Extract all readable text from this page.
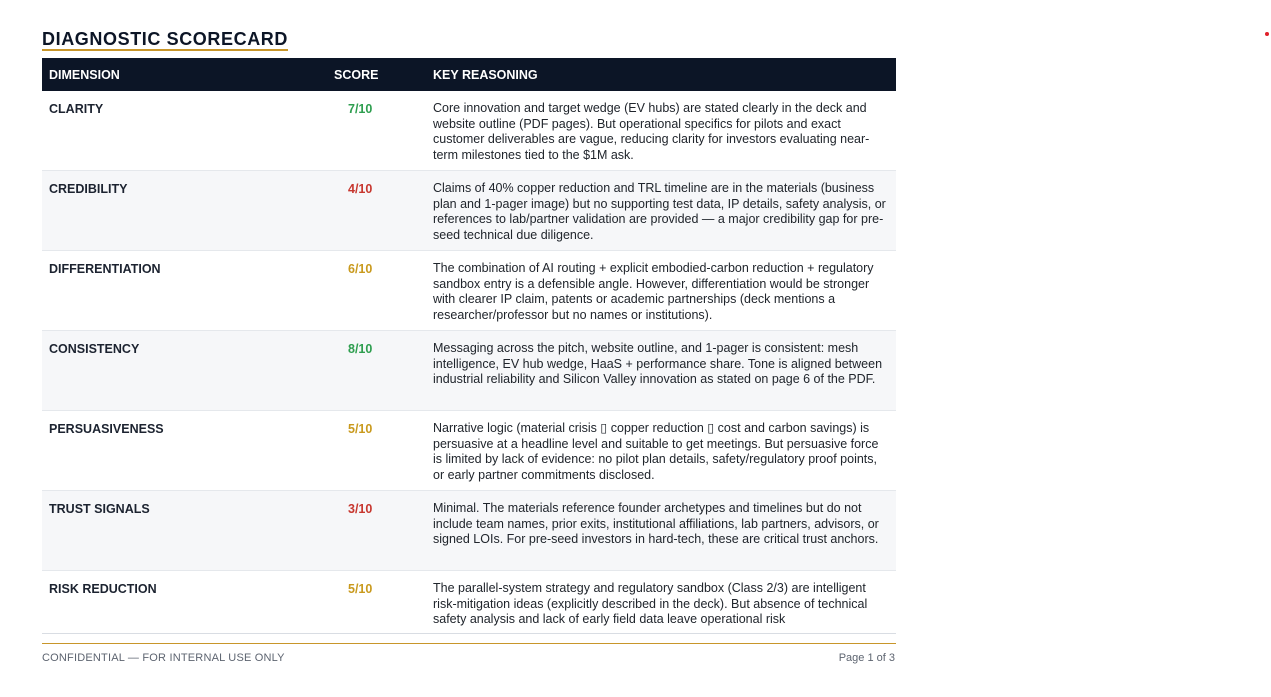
DIAGNOSTIC SCORECARD
DIMENSION	SCORE	KEY REASONING
CLARITY	7/10	Core innovation and target wedge (EV hubs) are stated clearly in the deck and website outline (PDF pages). But operational specifics for pilots and exact customer deliverables are vague, reducing clarity for investors evaluating near-term milestones tied to the $1M ask.
CREDIBILITY	4/10	Claims of 40% copper reduction and TRL timeline are in the materials (business plan and 1-pager image) but no supporting test data, IP details, safety analysis, or references to lab/partner validation are provided — a major credibility gap for pre-seed technical due diligence.
DIFFERENTIATION	6/10	The combination of AI routing + explicit embodied-carbon reduction + regulatory sandbox entry is a defensible angle. However, differentiation would be stronger with clearer IP claim, patents or academic partnerships (deck mentions a researcher/professor but no names or institutions).
CONSISTENCY	8/10	Messaging across the pitch, website outline, and 1-pager is consistent: mesh intelligence, EV hub wedge, HaaS + performance share. Tone is aligned between industrial reliability and Silicon Valley innovation as stated on page 6 of the PDF.
PERSUASIVENESS	5/10	Narrative logic (material crisis ▯ copper reduction ▯ cost and carbon savings) is persuasive at a headline level and suitable to get meetings. But persuasive force is limited by lack of evidence: no pilot plan details, safety/regulatory proof points, or early partner commitments disclosed.
TRUST SIGNALS	3/10	Minimal. The materials reference founder archetypes and timelines but do not include team names, prior exits, institutional affiliations, lab partners, advisors, or signed LOIs. For pre-seed investors in hard-tech, these are critical trust anchors.
RISK REDUCTION	5/10	The parallel-system strategy and regulatory sandbox (Class 2/3) are intelligent risk-mitigation ideas (explicitly described in the deck). But absence of technical safety analysis and lack of early field data leave operational risk
CONFIDENTIAL — FOR INTERNAL USE ONLY	Page 1 of 3
